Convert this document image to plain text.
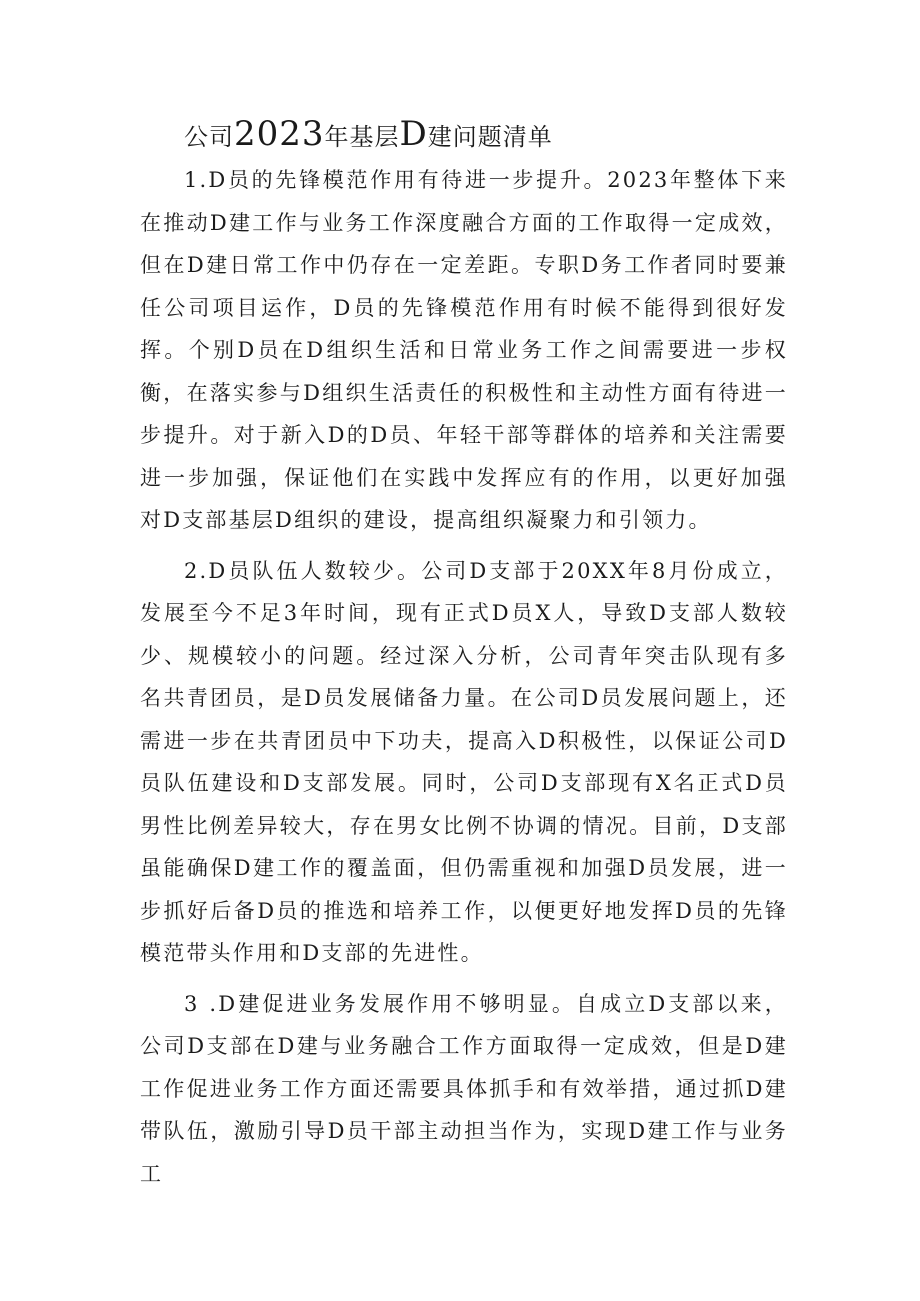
公司2023年基层D建问题清单

1.D员的先锋模范作用有待进一步提升。2023年整体下来在推动D建工作与业务工作深度融合方面的工作取得一定成效，但在D建日常工作中仍存在一定差距。专职D务工作者同时要兼任公司项目运作，D员的先锋模范作用有时候不能得到很好发挥。个别D员在D组织生活和日常业务工作之间需要进一步权衡，在落实参与D组织生活责任的积极性和主动性方面有待进一步提升。对于新入D的D员、年轻干部等群体的培养和关注需要进一步加强，保证他们在实践中发挥应有的作用，以更好加强对D支部基层D组织的建设，提高组织凝聚力和引领力。

2.D员队伍人数较少。公司D支部于20XX年8月份成立，发展至今不足3年时间，现有正式D员X人，导致D支部人数较少、规模较小的问题。经过深入分析，公司青年突击队现有多名共青团员，是D员发展储备力量。在公司D员发展问题上，还需进一步在共青团员中下功夫，提高入D积极性，以保证公司D员队伍建设和D支部发展。同时，公司D支部现有X名正式D员男性比例差异较大，存在男女比例不协调的情况。目前，D支部虽能确保D建工作的覆盖面，但仍需重视和加强D员发展，进一步抓好后备D员的推选和培养工作，以便更好地发挥D员的先锋模范带头作用和D支部的先进性。

3 .D建促进业务发展作用不够明显。自成立D支部以来，公司D支部在D建与业务融合工作方面取得一定成效，但是D建工作促进业务工作方面还需要具体抓手和有效举措，通过抓D建带队伍，激励引导D员干部主动担当作为，实现D建工作与业务工
